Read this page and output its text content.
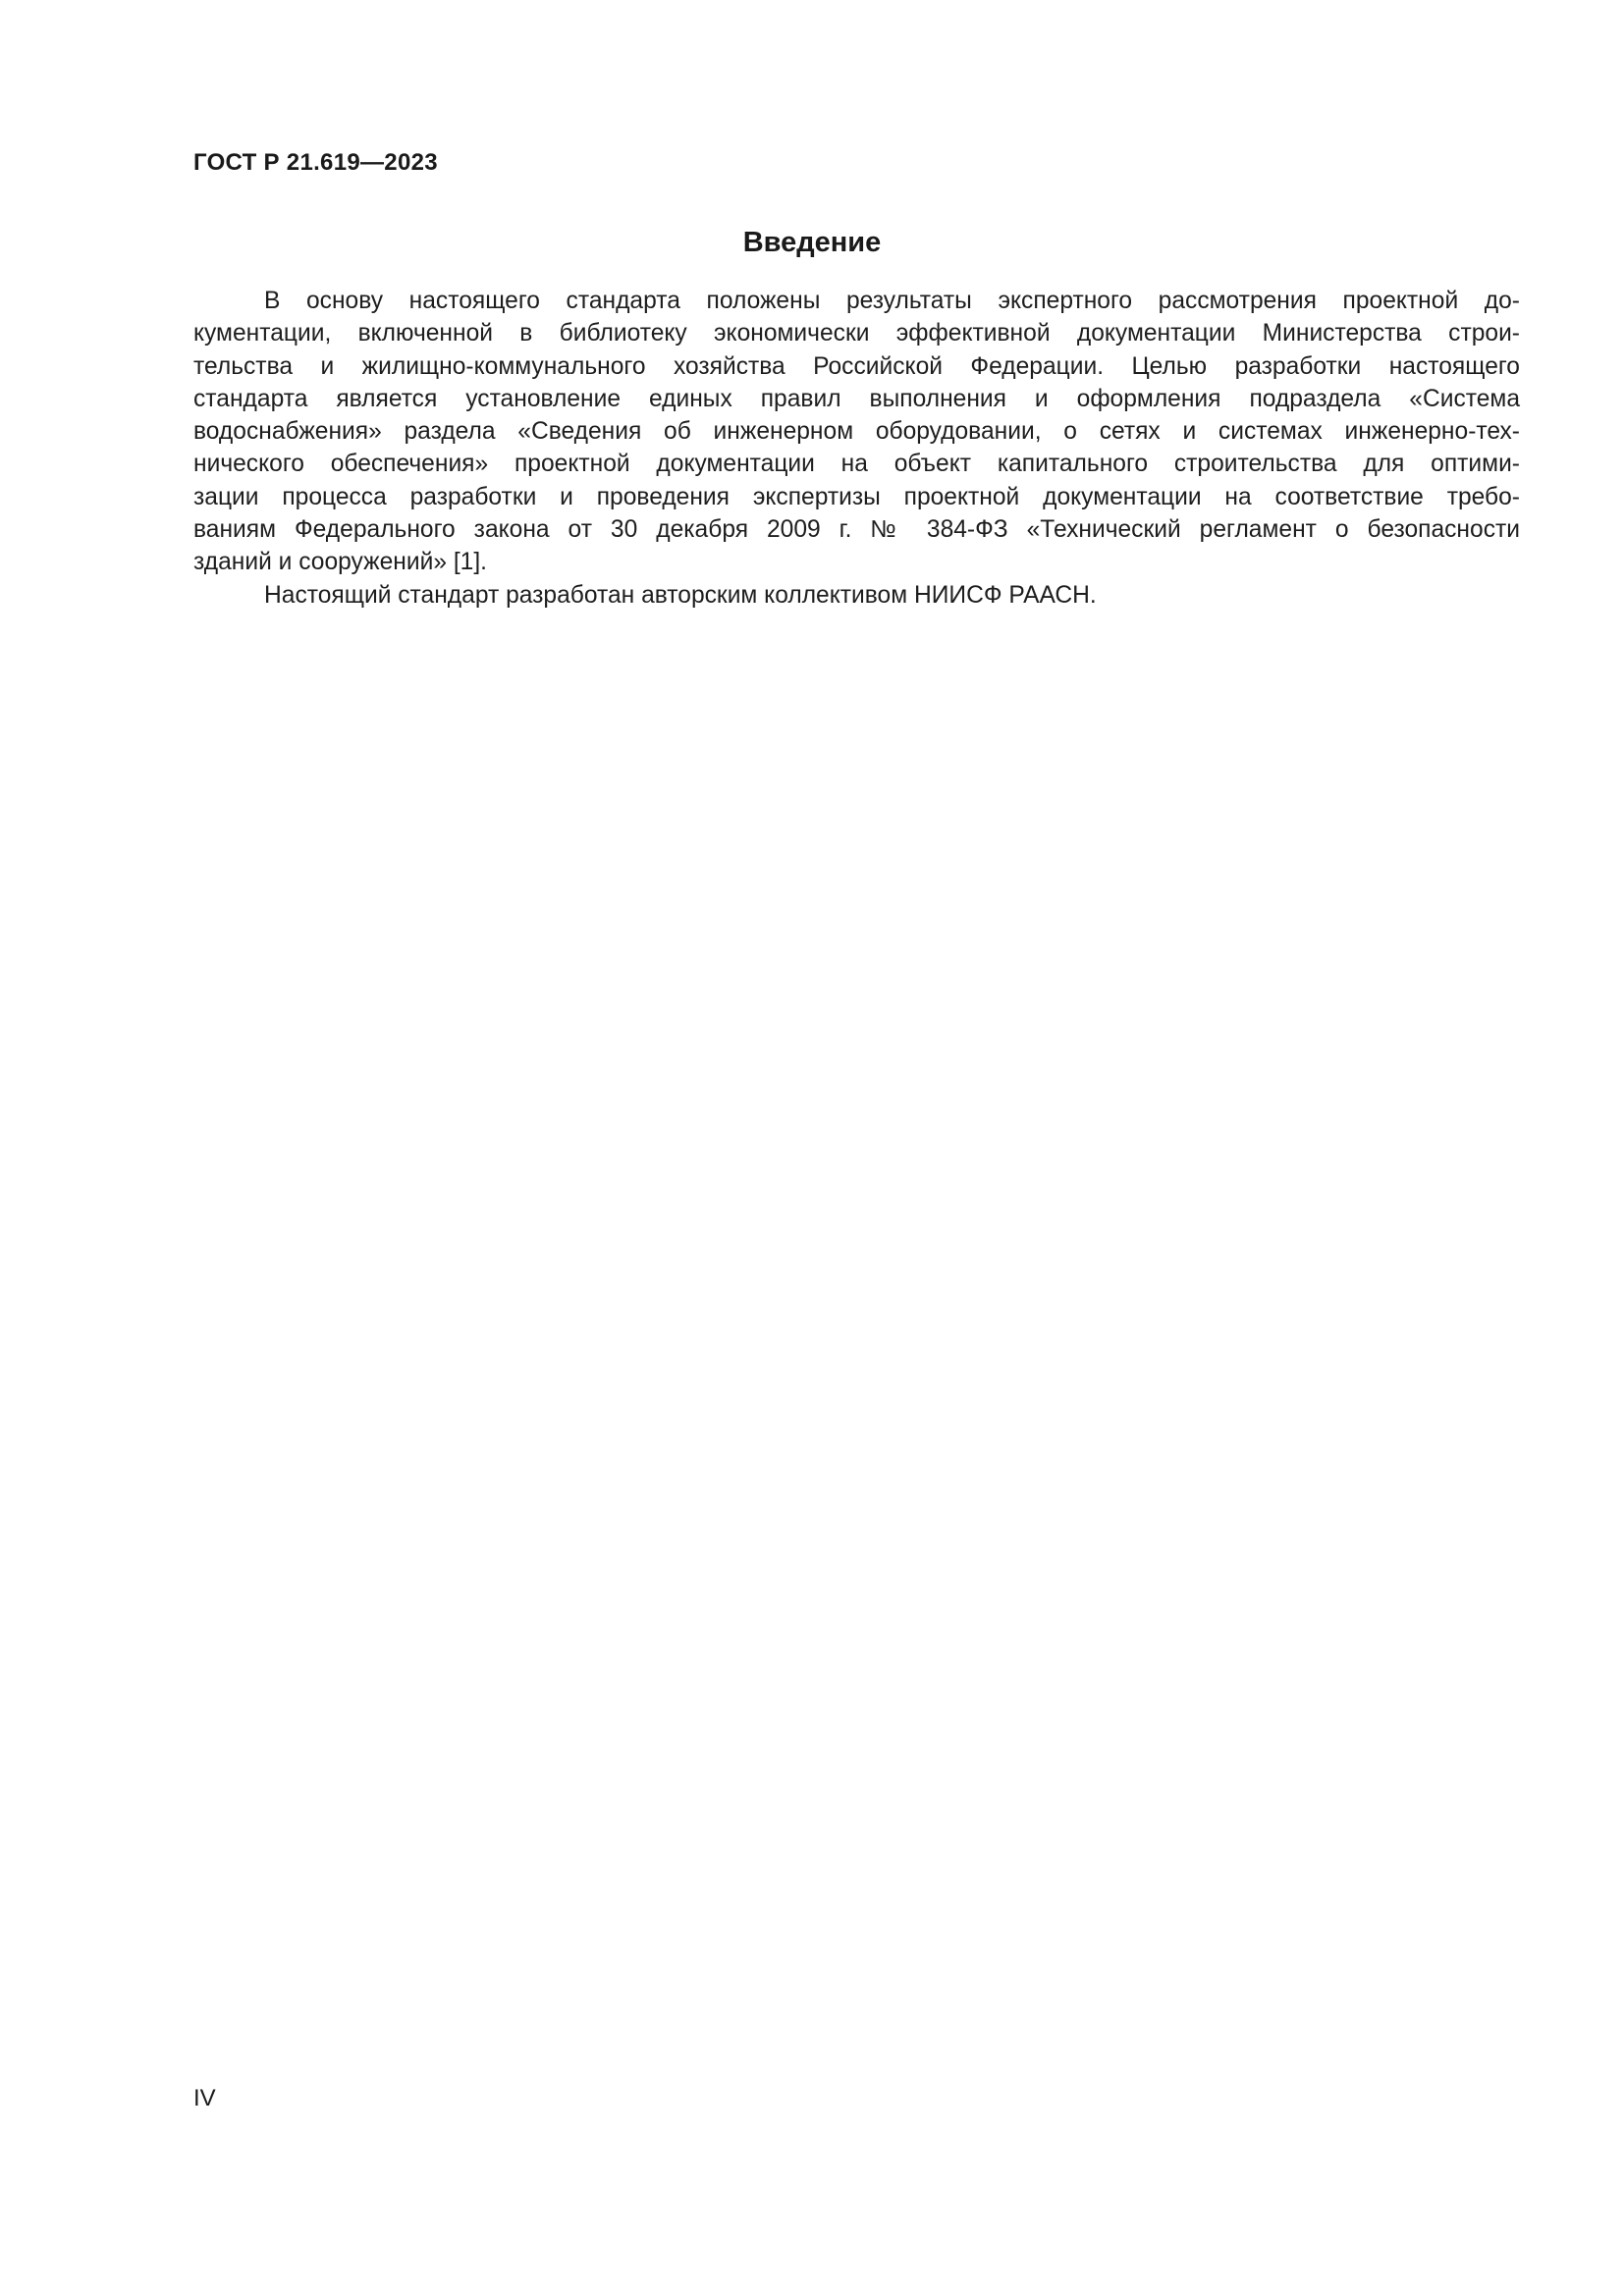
ГОСТ Р 21.619—2023
Введение
В основу настоящего стандарта положены результаты экспертного рассмотрения проектной до-
кументации, включенной в библиотеку экономически эффективной документации Министерства строи-
тельства и жилищно-коммунального хозяйства Российской Федерации. Целью разработки настоящего
стандарта является установление единых правил выполнения и оформления подраздела «Система
водоснабжения» раздела «Сведения об инженерном оборудовании, о сетях и системах инженерно-тех-
нического обеспечения» проектной документации на объект капитального строительства для оптими-
зации процесса разработки и проведения экспертизы проектной документации на соответствие требо-
ваниям Федерального закона от 30 декабря 2009 г. № 384-ФЗ «Технический регламент о безопасности
зданий и сооружений» [1].
Настоящий стандарт разработан авторским коллективом НИИСФ РААСН.
IV
